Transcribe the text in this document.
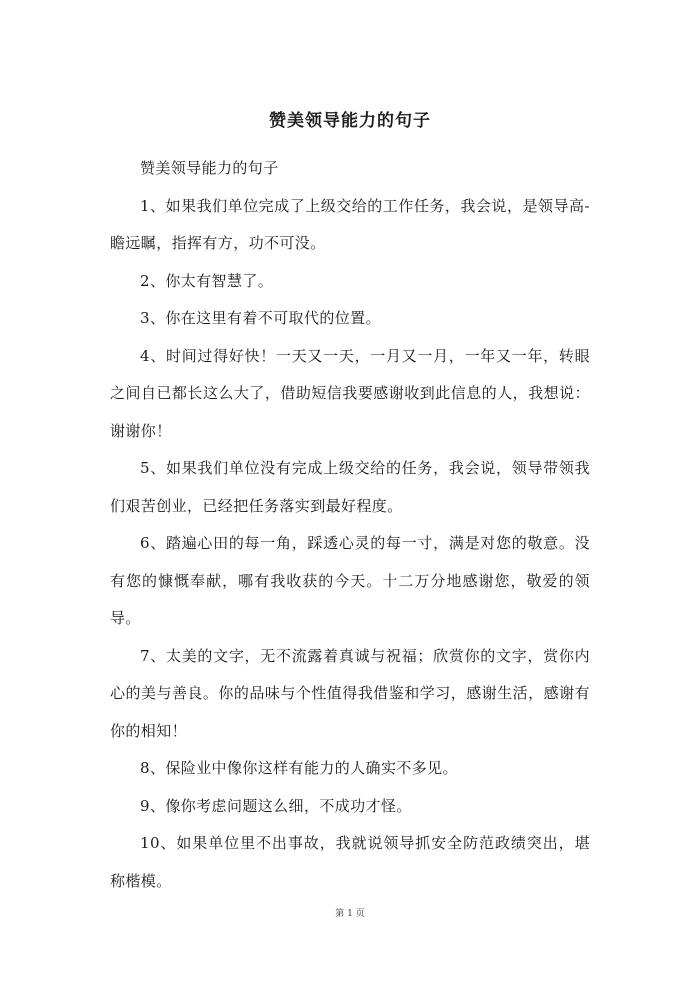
赞美领导能力的句子

赞美领导能力的句子

1、如果我们单位完成了上级交给的工作任务，我会说，是领导高-瞻远瞩，指挥有方，功不可没。

2、你太有智慧了。

3、你在这里有着不可取代的位置。

4、时间过得好快！一天又一天，一月又一月，一年又一年，转眼之间自已都长这么大了，借助短信我要感谢收到此信息的人，我想说：谢谢你！

5、如果我们单位没有完成上级交给的任务，我会说，领导带领我们艰苦创业，已经把任务落实到最好程度。

6、踏遍心田的每一角，踩透心灵的每一寸，满是对您的敬意。没有您的慷慨奉献，哪有我收获的今天。十二万分地感谢您，敬爱的领导。

7、太美的文字，无不流露着真诚与祝福；欣赏你的文字，赏你内心的美与善良。你的品味与个性值得我借鉴和学习，感谢生活，感谢有你的相知！

8、保险业中像你这样有能力的人确实不多见。

9、像你考虑问题这么细，不成功才怪。

10、如果单位里不出事故，我就说领导抓安全防范政绩突出，堪称楷模。

第 1 页
